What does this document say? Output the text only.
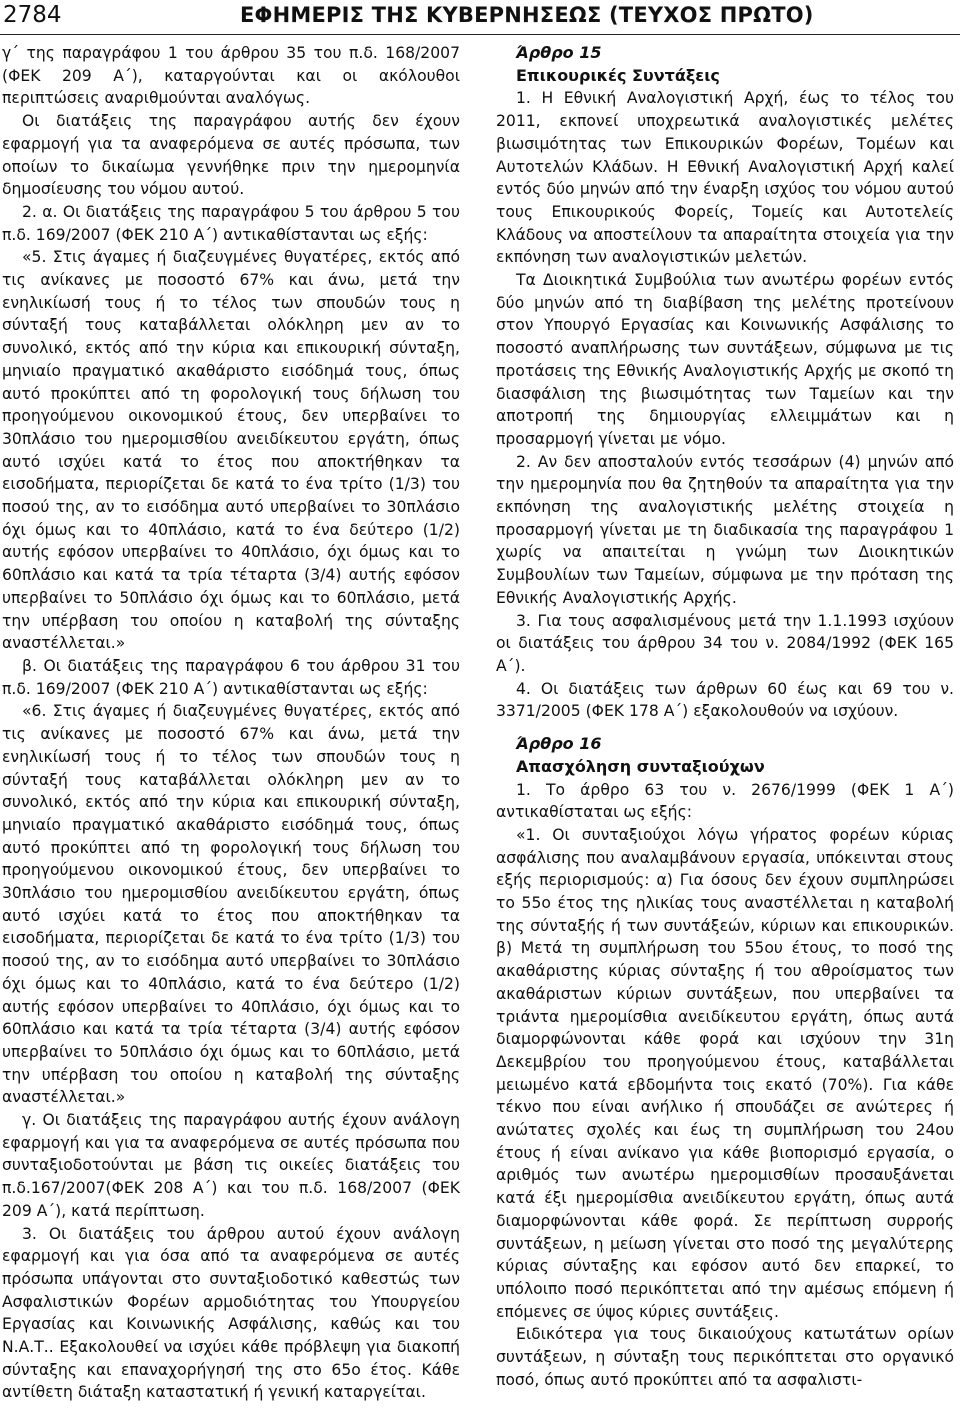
2784	ΕΦΗΜΕΡΙΣ ΤΗΣ ΚΥΒΕΡΝΗΣΕΩΣ (ΤΕΥΧΟΣ ΠΡΩΤΟ)

γ΄ της παραγράφου 1 του άρθρου 35 του π.δ. 168/2007 (ΦΕΚ 209 Α΄), καταργούνται και οι ακόλουθοι περιπτώσεις αναριθμούνται αναλόγως.

Οι διατάξεις της παραγράφου αυτής δεν έχουν εφαρμογή για τα αναφερόμενα σε αυτές πρόσωπα, των οποίων το δικαίωμα γεννήθηκε πριν την ημερομηνία δημοσίευσης του νόμου αυτού.

2. α. Οι διατάξεις της παραγράφου 5 του άρθρου 5 του π.δ. 169/2007 (ΦΕΚ 210 Α΄) αντικαθίστανται ως εξής:

«5. Στις άγαμες ή διαζευγμένες θυγατέρες, εκτός από τις ανίκανες με ποσοστό 67% και άνω, μετά την ενηλικίωσή τους ή το τέλος των σπουδών τους η σύνταξή τους καταβάλλεται ολόκληρη μεν αν το συνολικό, εκτός από την κύρια και επικουρική σύνταξη, μηνιαίο πραγματικό ακαθάριστο εισόδημά τους, όπως αυτό προκύπτει από τη φορολογική τους δήλωση του προηγούμενου οικονομικού έτους, δεν υπερβαίνει το 30πλάσιο του ημερομισθίου ανειδίκευτου εργάτη, όπως αυτό ισχύει κατά το έτος που αποκτήθηκαν τα εισοδήματα, περιορίζεται δε κατά το ένα τρίτο (1/3) του ποσού της, αν το εισόδημα αυτό υπερβαίνει το 30πλάσιο όχι όμως και το 40πλάσιο, κατά το ένα δεύτερο (1/2) αυτής εφόσον υπερβαίνει το 40πλάσιο, όχι όμως και το 60πλάσιο και κατά τα τρία τέταρτα (3/4) αυτής εφόσον υπερβαίνει το 50πλάσιο όχι όμως και το 60πλάσιο, μετά την υπέρβαση του οποίου η καταβολή της σύνταξης αναστέλλεται.»

β. Οι διατάξεις της παραγράφου 6 του άρθρου 31 του π.δ. 169/2007 (ΦΕΚ 210 Α΄) αντικαθίστανται ως εξής:

«6. Στις άγαμες ή διαζευγμένες θυγατέρες, εκτός από τις ανίκανες με ποσοστό 67% και άνω, μετά την ενηλικίωσή τους ή το τέλος των σπουδών τους η σύνταξή τους καταβάλλεται ολόκληρη μεν αν το συνολικό, εκτός από την κύρια και επικουρική σύνταξη, μηνιαίο πραγματικό ακαθάριστο εισόδημά τους, όπως αυτό προκύπτει από τη φορολογική τους δήλωση του προηγούμενου οικονομικού έτους, δεν υπερβαίνει το 30πλάσιο του ημερομισθίου ανειδίκευτου εργάτη, όπως αυτό ισχύει κατά το έτος που αποκτήθηκαν τα εισοδήματα, περιορίζεται δε κατά το ένα τρίτο (1/3) του ποσού της, αν το εισόδημα αυτό υπερβαίνει το 30πλάσιο όχι όμως και το 40πλάσιο, κατά το ένα δεύτερο (1/2) αυτής εφόσον υπερβαίνει το 40πλάσιο, όχι όμως και το 60πλάσιο και κατά τα τρία τέταρτα (3/4) αυτής εφόσον υπερβαίνει το 50πλάσιο όχι όμως και το 60πλάσιο, μετά την υπέρβαση του οποίου η καταβολή της σύνταξης αναστέλλεται.»

γ. Οι διατάξεις της παραγράφου αυτής έχουν ανάλογη εφαρμογή και για τα αναφερόμενα σε αυτές πρόσωπα που συνταξιοδοτούνται με βάση τις οικείες διατάξεις του π.δ.167/2007(ΦΕΚ 208 Α΄) και του π.δ. 168/2007 (ΦΕΚ 209 Α΄), κατά περίπτωση.

3. Οι διατάξεις του άρθρου αυτού έχουν ανάλογη εφαρμογή και για όσα από τα αναφερόμενα σε αυτές πρόσωπα υπάγονται στο συνταξιοδοτικό καθεστώς των Ασφαλιστικών Φορέων αρμοδιότητας του Υπουργείου Εργασίας και Κοινωνικής Ασφάλισης, καθώς και του Ν.Α.Τ.. Εξακολουθεί να ισχύει κάθε πρόβλεψη για διακοπή σύνταξης και επαναχορήγησή της στο 65ο έτος. Κάθε αντίθετη διάταξη καταστατική ή γενική καταργείται.

Άρθρο 15

Επικουρικές Συντάξεις

1. Η Εθνική Αναλογιστική Αρχή, έως το τέλος του 2011, εκπονεί υποχρεωτικά αναλογιστικές μελέτες βιωσιμότητας των Επικουρικών Φορέων, Τομέων και Αυτοτελών Κλάδων. Η Εθνική Αναλογιστική Αρχή καλεί εντός δύο μηνών από την έναρξη ισχύος του νόμου αυτού τους Επικουρικούς Φορείς, Τομείς και Αυτοτελείς Κλάδους να αποστείλουν τα απαραίτητα στοιχεία για την εκπόνηση των αναλογιστικών μελετών.

Τα Διοικητικά Συμβούλια των ανωτέρω φορέων εντός δύο μηνών από τη διαβίβαση της μελέτης προτείνουν στον Υπουργό Εργασίας και Κοινωνικής Ασφάλισης το ποσοστό αναπλήρωσης των συντάξεων, σύμφωνα με τις προτάσεις της Εθνικής Αναλογιστικής Αρχής με σκοπό τη διασφάλιση της βιωσιμότητας των Ταμείων και την αποτροπή της δημιουργίας ελλειμμάτων και η προσαρμογή γίνεται με νόμο.

2. Αν δεν αποσταλούν εντός τεσσάρων (4) μηνών από την ημερομηνία που θα ζητηθούν τα απαραίτητα για την εκπόνηση της αναλογιστικής μελέτης στοιχεία η προσαρμογή γίνεται με τη διαδικασία της παραγράφου 1 χωρίς να απαιτείται η γνώμη των Διοικητικών Συμβουλίων των Ταμείων, σύμφωνα με την πρόταση της Εθνικής Αναλογιστικής Αρχής.

3. Για τους ασφαλισμένους μετά την 1.1.1993 ισχύουν οι διατάξεις του άρθρου 34 του ν. 2084/1992 (ΦΕΚ 165 Α΄).

4. Οι διατάξεις των άρθρων 60 έως και 69 του ν. 3371/2005 (ΦΕΚ 178 Α΄) εξακολουθούν να ισχύουν.

Άρθρο 16

Απασχόληση συνταξιούχων

1. Το άρθρο 63 του ν. 2676/1999 (ΦΕΚ 1 Α΄) αντικαθίσταται ως εξής:

«1. Οι συνταξιούχοι λόγω γήρατος φορέων κύριας ασφάλισης που αναλαμβάνουν εργασία, υπόκεινται στους εξής περιορισμούς: α) Για όσους δεν έχουν συμπληρώσει το 55ο έτος της ηλικίας τους αναστέλλεται η καταβολή της σύνταξής ή των συντάξεών, κύριων και επικουρικών. β) Μετά τη συμπλήρωση του 55ου έτους, το ποσό της ακαθάριστης κύριας σύνταξης ή του αθροίσματος των ακαθάριστων κύριων συντάξεων, που υπερβαίνει τα τριάντα ημερομίσθια ανειδίκευτου εργάτη, όπως αυτά διαμορφώνονται κάθε φορά και ισχύουν την 31η Δεκεμβρίου του προηγούμενου έτους, καταβάλλεται μειωμένο κατά εβδομήντα τοις εκατό (70%). Για κάθε τέκνο που είναι ανήλικο ή σπουδάζει σε ανώτερες ή ανώτατες σχολές και έως τη συμπλήρωση του 24ου έτους ή είναι ανίκανο για κάθε βιοπορισμό εργασία, ο αριθμός των ανωτέρω ημερομισθίων προσαυξάνεται κατά έξι ημερομίσθια ανειδίκευτου εργάτη, όπως αυτά διαμορφώνονται κάθε φορά. Σε περίπτωση συρροής συντάξεων, η μείωση γίνεται στο ποσό της μεγαλύτερης κύριας σύνταξης και εφόσον αυτό δεν επαρκεί, το υπόλοιπο ποσό περικόπτεται από την αμέσως επόμενη ή επόμενες σε ύψος κύριες συντάξεις.

Ειδικότερα για τους δικαιούχους κατωτάτων ορίων συντάξεων, η σύνταξη τους περικόπτεται στο οργανικό ποσό, όπως αυτό προκύπτει από τα ασφαλιστι-
